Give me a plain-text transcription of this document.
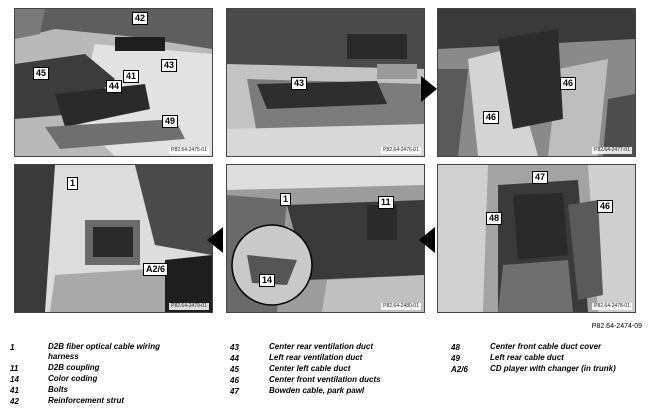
42
41
43
45
44
49
P82.64-2475-01
43
P82.64-2476-01
46
46
P82.64-2477-01
1
A2/6
P82.64-2479-01
1	11
14
P82.64-2480-01
47
48
46
P82.64-2478-01
P82.64-2474-09
1	D2B fiber optical cable wiring harness
11	D2B coupling
14	Color coding
41	Bolts
42	Reinforcement strut
43	Center rear ventilation duct
44	Left rear ventilation duct
45	Center left cable duct
46	Center front ventilation ducts
47	Bowden cable, park pawl
48	Center front cable duct cover
49	Left rear cable duct
A2/6	CD player with changer (in trunk)
